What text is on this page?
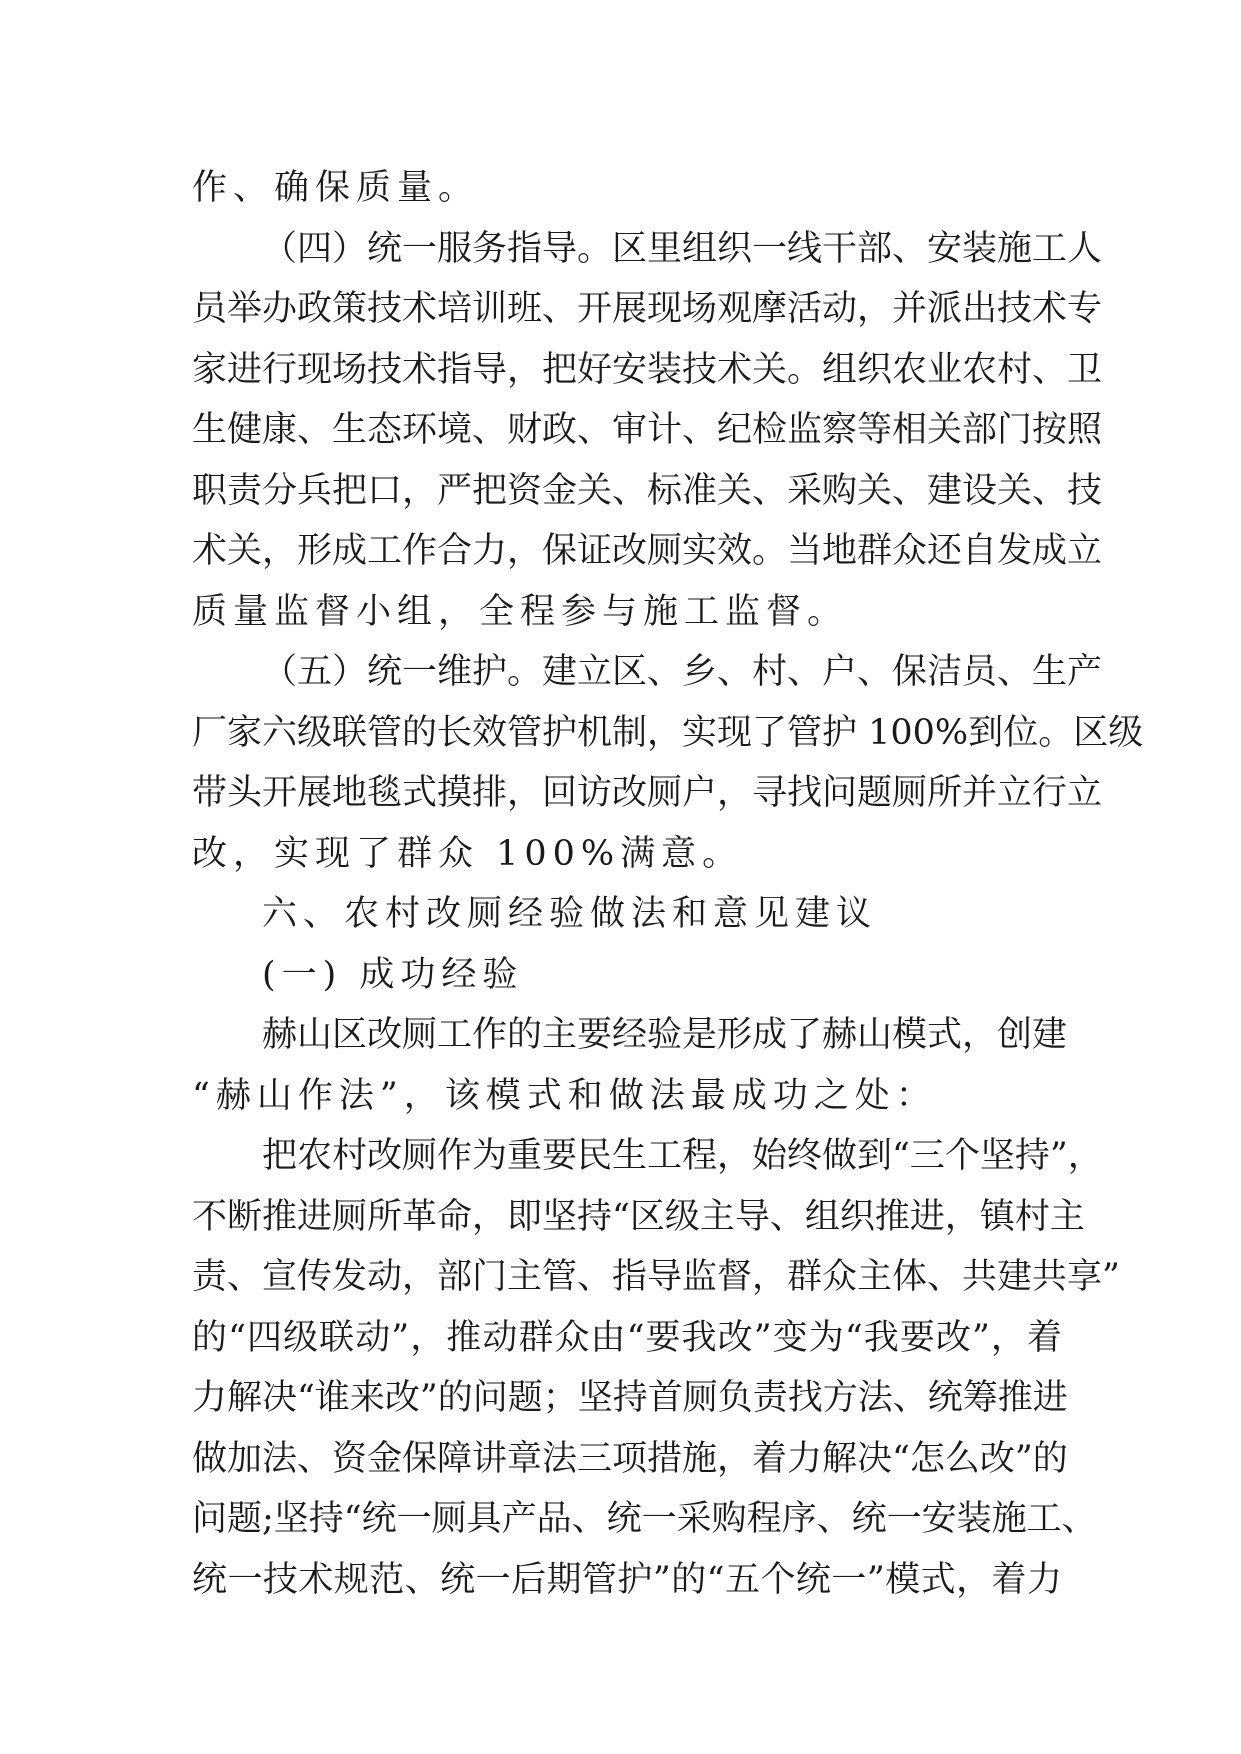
作、确保质量。
（四）统一服务指导。区里组织一线干部、安装施工人
员举办政策技术培训班、开展现场观摩活动，并派出技术专
家进行现场技术指导，把好安装技术关。组织农业农村、卫
生健康、生态环境、财政、审计、纪检监察等相关部门按照
职责分兵把口，严把资金关、标准关、采购关、建设关、技
术关，形成工作合力，保证改厕实效。当地群众还自发成立
质量监督小组，全程参与施工监督。
（五）统一维护。建立区、乡、村、户、保洁员、生产
厂家六级联管的长效管护机制，实现了管护 100%到位。区级
带头开展地毯式摸排，回访改厕户，寻找问题厕所并立行立
改，实现了群众 100%满意。
六、农村改厕经验做法和意见建议
(一) 成功经验
赫山区改厕工作的主要经验是形成了赫山模式，创建
“赫山作法”，该模式和做法最成功之处：
把农村改厕作为重要民生工程，始终做到“三个坚持”，
不断推进厕所革命，即坚持“区级主导、组织推进，镇村主
责、宣传发动，部门主管、指导监督，群众主体、共建共享”
的“四级联动”，推动群众由“要我改”变为“我要改”，着
力解决“谁来改”的问题；坚持首厕负责找方法、统筹推进
做加法、资金保障讲章法三项措施，着力解决“怎么改”的
问题;坚持“统一厕具产品、统一采购程序、统一安装施工、
统一技术规范、统一后期管护”的“五个统一”模式，着力
